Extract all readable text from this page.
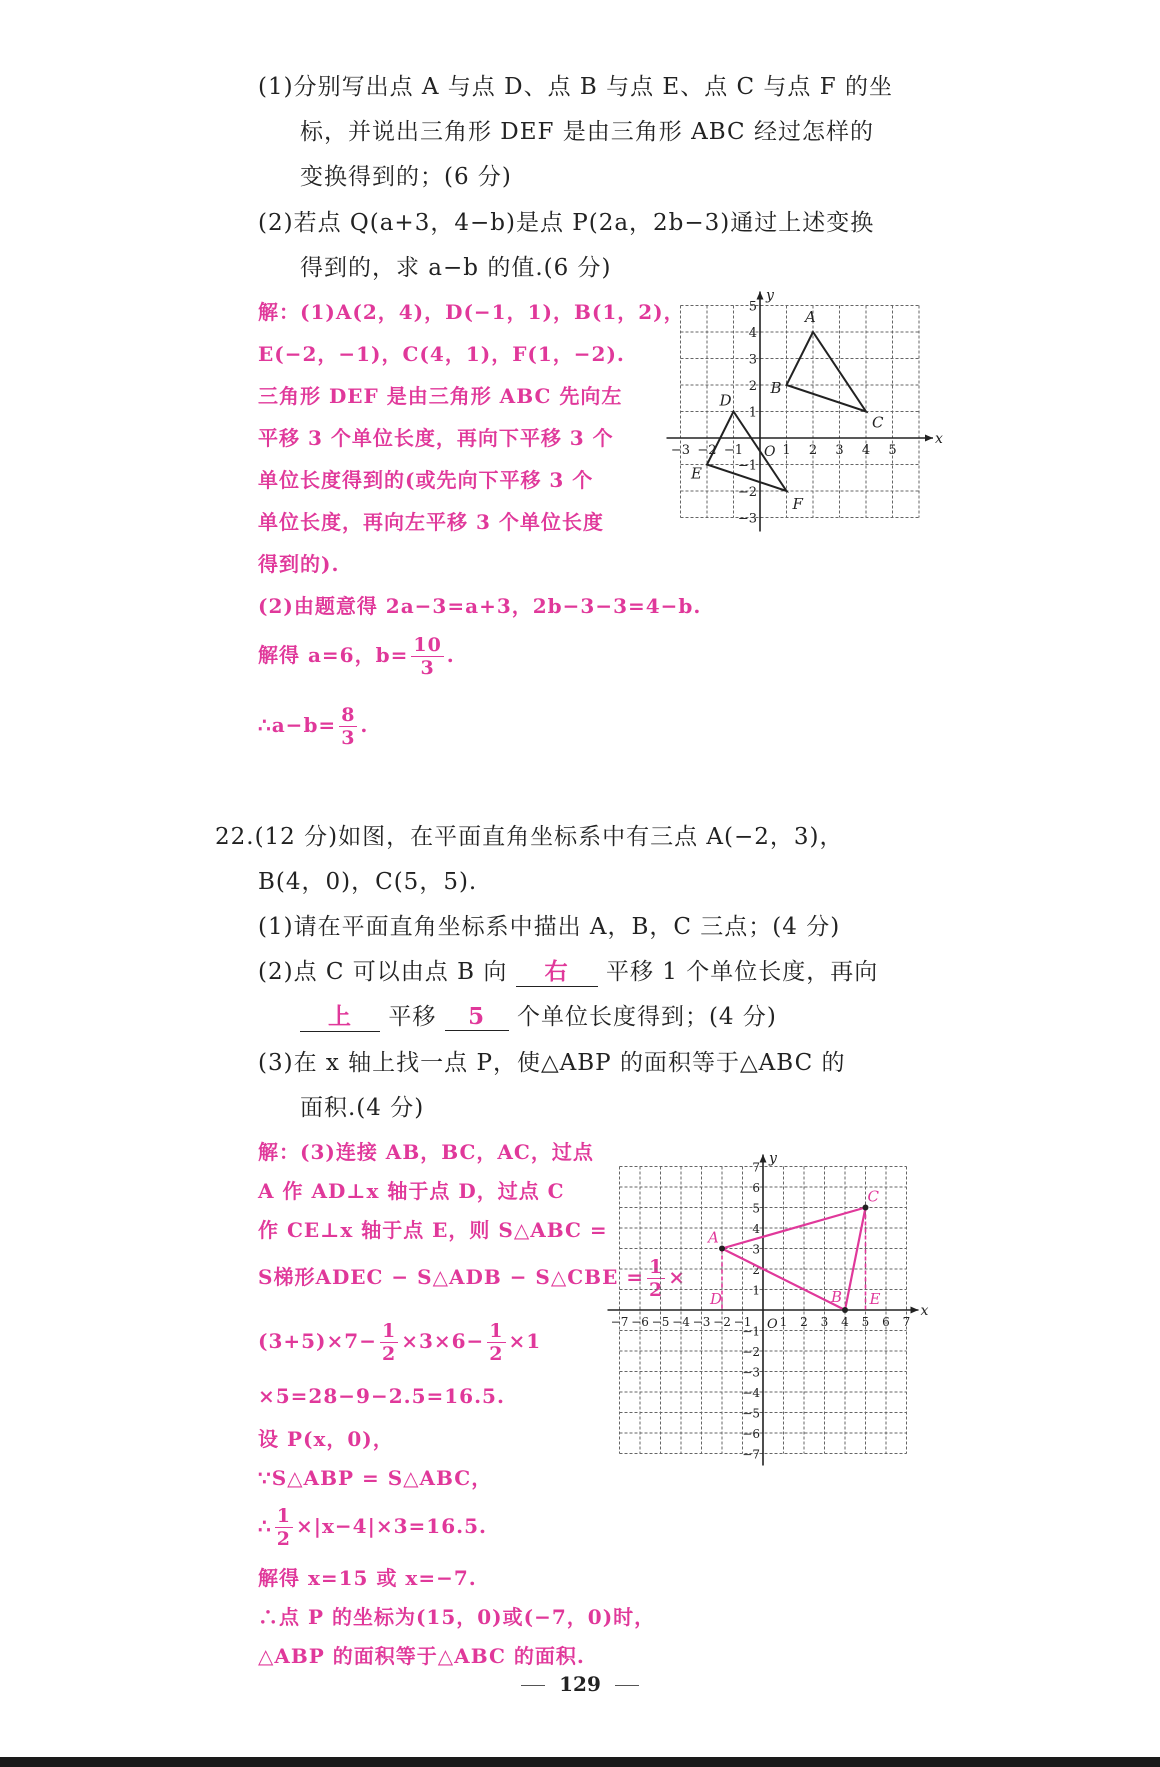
(1)分别写出点 A 与点 D、点 B 与点 E、点 C 与点 F 的坐
标，并说出三角形 DEF 是由三角形 ABC 经过怎样的
变换得到的；(6 分)
(2)若点 Q(a+3，4−b)是点 P(2a，2b−3)通过上述变换
得到的，求 a−b 的值.(6 分)
解：(1)A(2，4)，D(−1，1)，B(1，2)，
E(−2，−1)，C(4，1)，F(1，−2).
三角形 DEF 是由三角形 ABC 先向左
平移 3 个单位长度，再向下平移 3 个
单位长度得到的(或先向下平移 3 个
单位长度，再向左平移 3 个单位长度
得到的).
(2)由题意得 2a−3=a+3，2b−3−3=4−b.
解得 a=6，$b= \frac{10}{3}$ .
∴a−b= $\frac{8}{3}$ .
x
y
O
−3 −2 −1	1 2 3 4 5
5
4
3
2
1
−1
−2
−3
A
B
C
D
E
F
22.(12 分)如图，在平面直角坐标系中有三点 A(−2，3)，
B(4，0)，C(5，5).
(1)请在平面直角坐标系中描出 A，B，C 三点；(4 分)
(2)点 C 可以由点 B 向 右 平移 1 个单位长度，再向
上 平移 5 个单位长度得到；(4 分)
(3)在 x 轴上找一点 P，使△ABP 的面积等于△ABC 的
面积.(4 分)
解：(3)连接 AB，BC，AC，过点
A 作 AD⊥x 轴于点 D，过点 C
作 CE⊥x 轴于点 E，则 S△ABC =
S梯形ADEC − S△ADB − S△CBE = $\frac{1}{2}$ ×
$(3+5)\times 7- \frac{1}{2} \times 3\times 6- \frac{1}{2} \times 1$
×5=28−9−2.5=16.5.
设 P(x，0)，
∵S△ABP = S△ABC，
∴ $\frac{1}{2} \times|x-4|\times 3=16.5$.
解得 x=15 或 x=−7.
∴点 P 的坐标为(15，0)或(−7，0)时，
△ABP 的面积等于△ABC 的面积.
x
y
O
−7 −6 −5 −4 −3 −2 −1 1 2 3 4 5 6 7
7
6
5
4
3
2
1
−1
−2
−3
−4
−5
−6
−7
A
B
C
D	E
129
